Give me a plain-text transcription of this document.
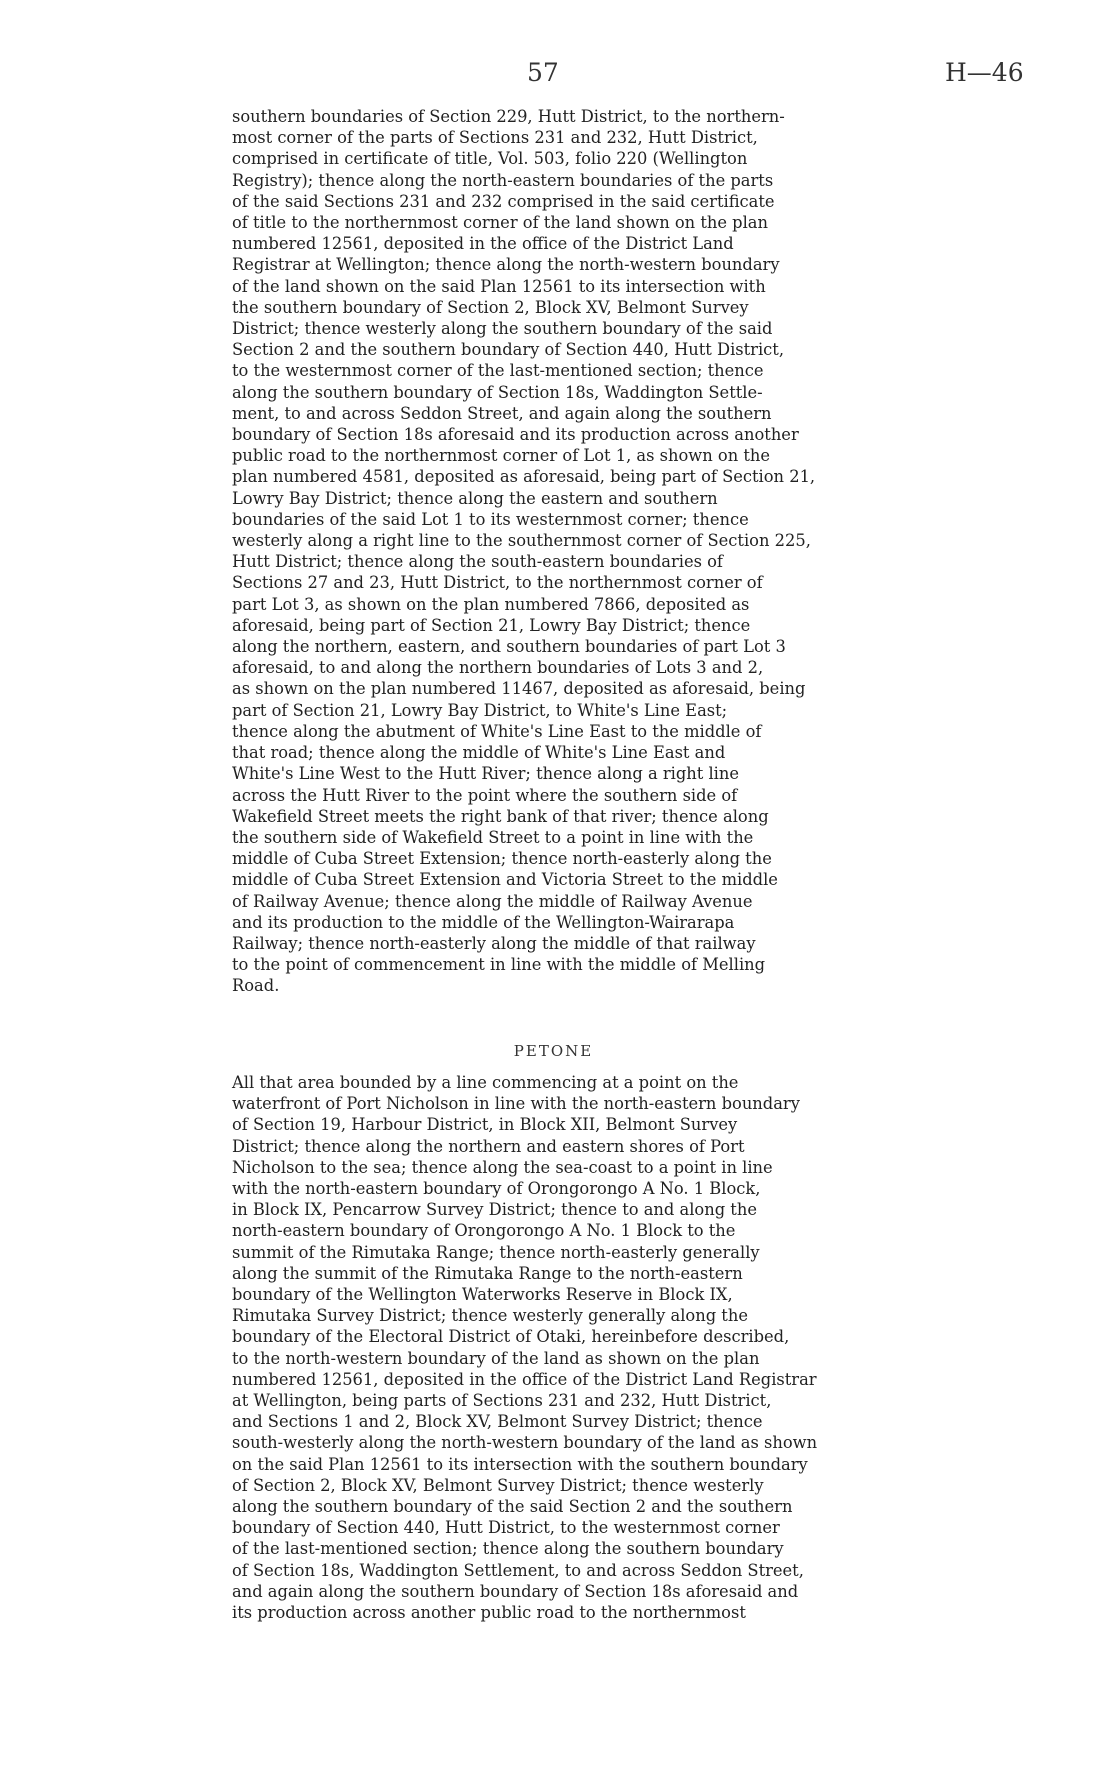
57	H—46

southern boundaries of Section 229, Hutt District, to the northern-
most corner of the parts of Sections 231 and 232, Hutt District,
comprised in certificate of title, Vol. 503, folio 220 (Wellington
Registry); thence along the north-eastern boundaries of the parts
of the said Sections 231 and 232 comprised in the said certificate
of title to the northernmost corner of the land shown on the plan
numbered 12561, deposited in the office of the District Land
Registrar at Wellington; thence along the north-western boundary
of the land shown on the said Plan 12561 to its intersection with
the southern boundary of Section 2, Block XV, Belmont Survey
District; thence westerly along the southern boundary of the said
Section 2 and the southern boundary of Section 440, Hutt District,
to the westernmost corner of the last-mentioned section; thence
along the southern boundary of Section 18s, Waddington Settle-
ment, to and across Seddon Street, and again along the southern
boundary of Section 18s aforesaid and its production across another
public road to the northernmost corner of Lot 1, as shown on the
plan numbered 4581, deposited as aforesaid, being part of Section 21,
Lowry Bay District; thence along the eastern and southern
boundaries of the said Lot 1 to its westernmost corner; thence
westerly along a right line to the southernmost corner of Section 225,
Hutt District; thence along the south-eastern boundaries of
Sections 27 and 23, Hutt District, to the northernmost corner of
part Lot 3, as shown on the plan numbered 7866, deposited as
aforesaid, being part of Section 21, Lowry Bay District; thence
along the northern, eastern, and southern boundaries of part Lot 3
aforesaid, to and along the northern boundaries of Lots 3 and 2,
as shown on the plan numbered 11467, deposited as aforesaid, being
part of Section 21, Lowry Bay District, to White's Line East;
thence along the abutment of White's Line East to the middle of
that road; thence along the middle of White's Line East and
White's Line West to the Hutt River; thence along a right line
across the Hutt River to the point where the southern side of
Wakefield Street meets the right bank of that river; thence along
the southern side of Wakefield Street to a point in line with the
middle of Cuba Street Extension; thence north-easterly along the
middle of Cuba Street Extension and Victoria Street to the middle
of Railway Avenue; thence along the middle of Railway Avenue
and its production to the middle of the Wellington-Wairarapa
Railway; thence north-easterly along the middle of that railway
to the point of commencement in line with the middle of Melling
Road.

PETONE

All that area bounded by a line commencing at a point on the
waterfront of Port Nicholson in line with the north-eastern boundary
of Section 19, Harbour District, in Block XII, Belmont Survey
District; thence along the northern and eastern shores of Port
Nicholson to the sea; thence along the sea-coast to a point in line
with the north-eastern boundary of Orongorongo A No. 1 Block,
in Block IX, Pencarrow Survey District; thence to and along the
north-eastern boundary of Orongorongo A No. 1 Block to the
summit of the Rimutaka Range; thence north-easterly generally
along the summit of the Rimutaka Range to the north-eastern
boundary of the Wellington Waterworks Reserve in Block IX,
Rimutaka Survey District; thence westerly generally along the
boundary of the Electoral District of Otaki, hereinbefore described,
to the north-western boundary of the land as shown on the plan
numbered 12561, deposited in the office of the District Land Registrar
at Wellington, being parts of Sections 231 and 232, Hutt District,
and Sections 1 and 2, Block XV, Belmont Survey District; thence
south-westerly along the north-western boundary of the land as shown
on the said Plan 12561 to its intersection with the southern boundary
of Section 2, Block XV, Belmont Survey District; thence westerly
along the southern boundary of the said Section 2 and the southern
boundary of Section 440, Hutt District, to the westernmost corner
of the last-mentioned section; thence along the southern boundary
of Section 18s, Waddington Settlement, to and across Seddon Street,
and again along the southern boundary of Section 18s aforesaid and
its production across another public road to the northernmost
